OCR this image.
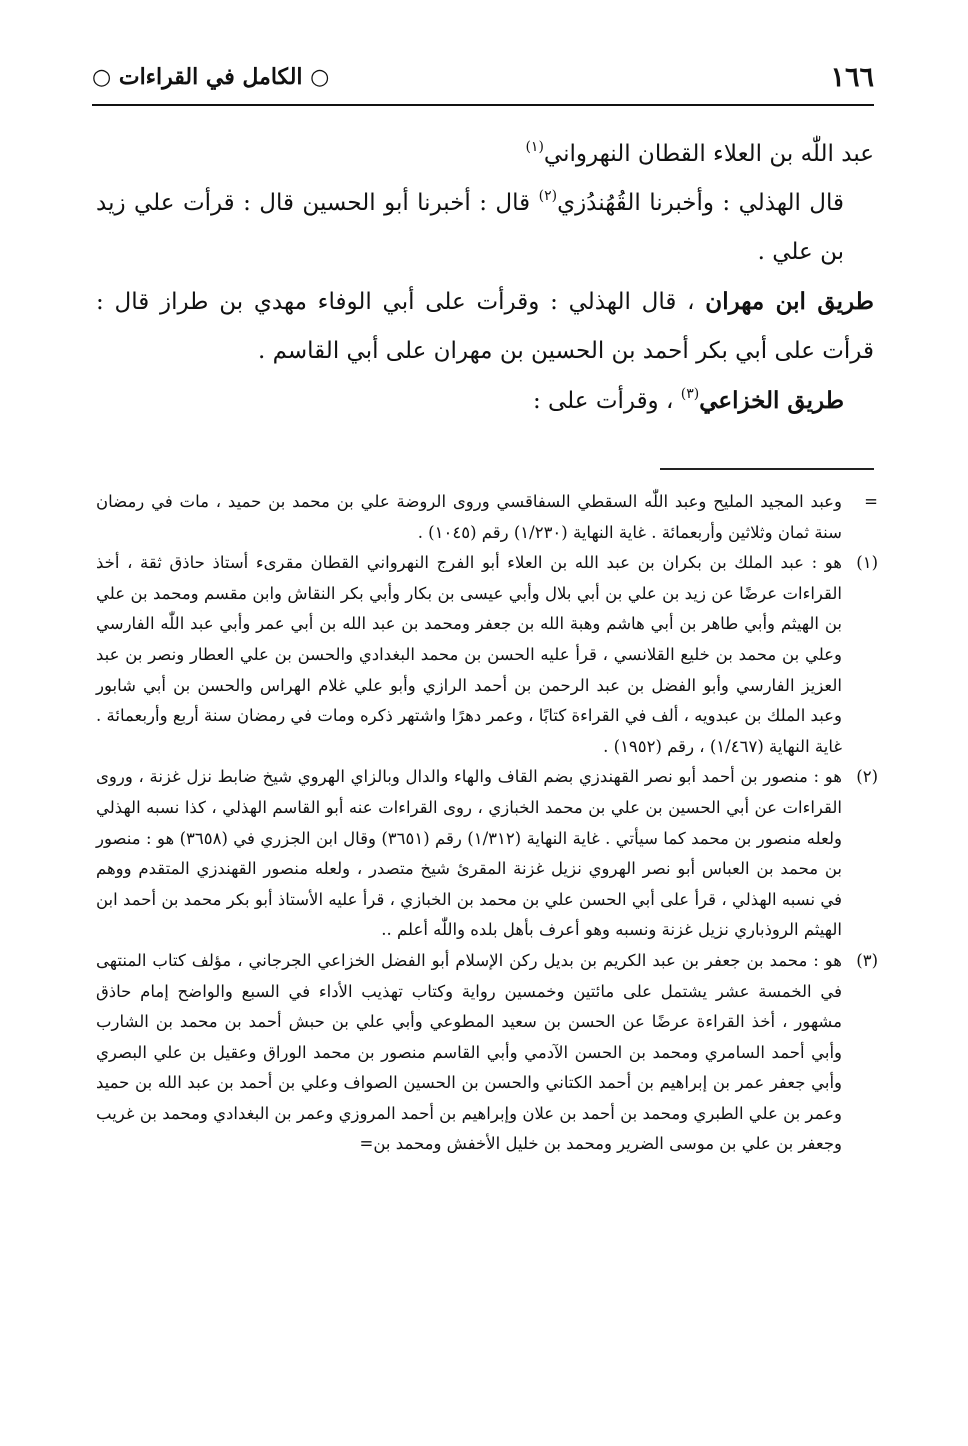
١٦٦
○ الكامل في القراءات ○

عبد اللّٰه بن العلاء القطان النهرواني$^{(١)}$

قال الهذلي : وأخبرنا القُهُندُزي$^{(٢)}$ قال : أخبرنا أبو الحسين قال : قرأت علي زيد بن علي .

طريق ابن مهران ، قال الهذلي : وقرأت على أبي الوفاء مهدي بن طراز قال : قرأت على أبي بكر أحمد بن الحسين بن مهران على أبي القاسم .

طريق الخزاعي$^{(٣)}$ ، وقرأت على :

=
وعبد المجيد المليح وعبد اللّٰه السقطي السفاقسي وروى الروضة علي بن محمد بن حميد ، مات في رمضان سنة ثمان وثلاثين وأربعمائة . غاية النهاية (١/٢٣٠) رقم (١٠٤٥) .

(١)
هو : عبد الملك بن بكران بن عبد الله بن العلاء أبو الفرج النهرواني القطان مقرىء أستاذ حاذق ثقة ، أخذ القراءات عرضًا عن زيد بن علي بن أبي بلال وأبي عيسى بن بكار وأبي بكر النقاش وابن مقسم ومحمد بن علي بن الهيثم وأبي طاهر بن أبي هاشم وهبة الله بن جعفر ومحمد بن عبد الله بن أبي عمر وأبي عبد اللّٰه الفارسي وعلي بن محمد بن خليع القلانسي ، قرأ عليه الحسن بن محمد البغدادي والحسن بن علي العطار ونصر بن عبد العزيز الفارسي وأبو الفضل بن عبد الرحمن بن أحمد الرازي وأبو علي غلام الهراس والحسن بن أبي شابور وعبد الملك بن عبدويه ، ألف في القراءة كتابًا ، وعمر دهرًا واشتهر ذكره ومات في رمضان سنة أربع وأربعمائة . غاية النهاية (١/٤٦٧) ، رقم (١٩٥٢) .

(٢)
هو : منصور بن أحمد أبو نصر القهندزي بضم القاف والهاء والدال وبالزاي الهروي شيخ ضابط نزل غزنة ، وروى القراءات عن أبي الحسين بن علي بن محمد الخبازي ، روى القراءات عنه أبو القاسم الهذلي ، كذا نسبه الهذلي ولعله منصور بن محمد كما سيأتي . غاية النهاية (١/٣١٢) رقم (٣٦٥١) وقال ابن الجزري في (٣٦٥٨) هو : منصور بن محمد بن العباس أبو نصر الهروي نزيل غزنة المقرئ شيخ متصدر ، ولعله منصور القهندزي المتقدم ووهم في نسبه الهذلي ، قرأ على أبي الحسن علي بن محمد بن الخبازي ، قرأ عليه الأستاذ أبو بكر محمد بن أحمد ابن الهيثم الروذباري نزيل غزنة ونسبه وهو أعرف بأهل بلده واللّٰه أعلم ..

(٣)
هو : محمد بن جعفر بن عبد الكريم بن بديل ركن الإسلام أبو الفضل الخزاعي الجرجاني ، مؤلف كتاب المنتهى في الخمسة عشر يشتمل على مائتين وخمسين رواية وكتاب تهذيب الأداء في السبع والواضح إمام حاذق مشهور ، أخذ القراءة عرضًا عن الحسن بن سعيد المطوعي وأبي علي بن حبش أحمد بن محمد بن الشارب وأبي أحمد السامري ومحمد بن الحسن الآدمي وأبي القاسم منصور بن محمد الوراق وعقيل بن علي البصري وأبي جعفر عمر بن إبراهيم بن أحمد الكتاني والحسن بن الحسين الصواف وعلي بن أحمد بن عبد الله بن حميد وعمر بن علي الطبري ومحمد بن أحمد بن علان وإبراهيم بن أحمد المروزي وعمر بن البغدادي ومحمد بن غريب وجعفر بن علي بن موسى الضرير ومحمد بن خليل الأخفش ومحمد بن=
